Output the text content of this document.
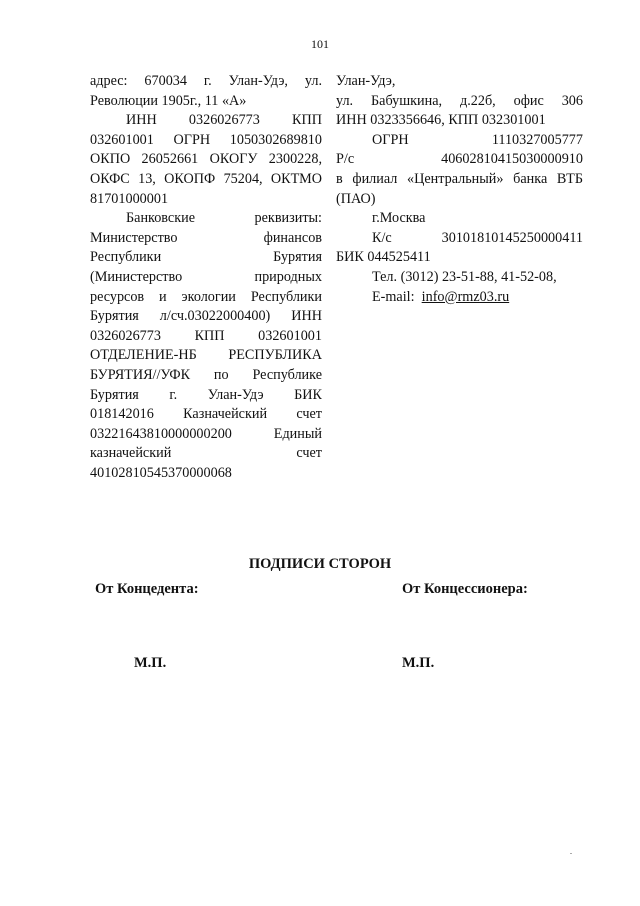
101
адрес: 670034 г. Улан-Удэ, ул.
Революции 1905г., 11 «А»
ИНН 0326026773 КПП
032601001 ОГРН 1050302689810
ОКПО 26052661 ОКОГУ 2300228,
ОКФС 13, ОКОПФ 75204, ОКТМО
81701000001
Банковские реквизиты:
Министерство финансов
Республики Бурятия
(Министерство природных
ресурсов и экологии Республики
Бурятия л/сч.03022000400) ИНН
0326026773 КПП 032601001
ОТДЕЛЕНИЕ-НБ РЕСПУБЛИКА
БУРЯТИЯ//УФК по Республике
Бурятия г. Улан-Удэ БИК
018142016 Казначейский счет
03221643810000000200 Единый
казначейский счет
40102810545370000068
Улан-Удэ,
ул. Бабушкина, д.22б, офис 306
ИНН 0323356646, КПП 032301001
ОГРН 1110327005777
Р/с 40602810415030000910
в филиал «Центральный» банка ВТБ
(ПАО)
г.Москва
К/с 30101810145250000411
БИК 044525411
Тел. (3012) 23-51-88, 41-52-08,
E-mail: info@rmz03.ru
ПОДПИСИ СТОРОН
От Концедента:	От Концессионера:
М.П.	М.П.
